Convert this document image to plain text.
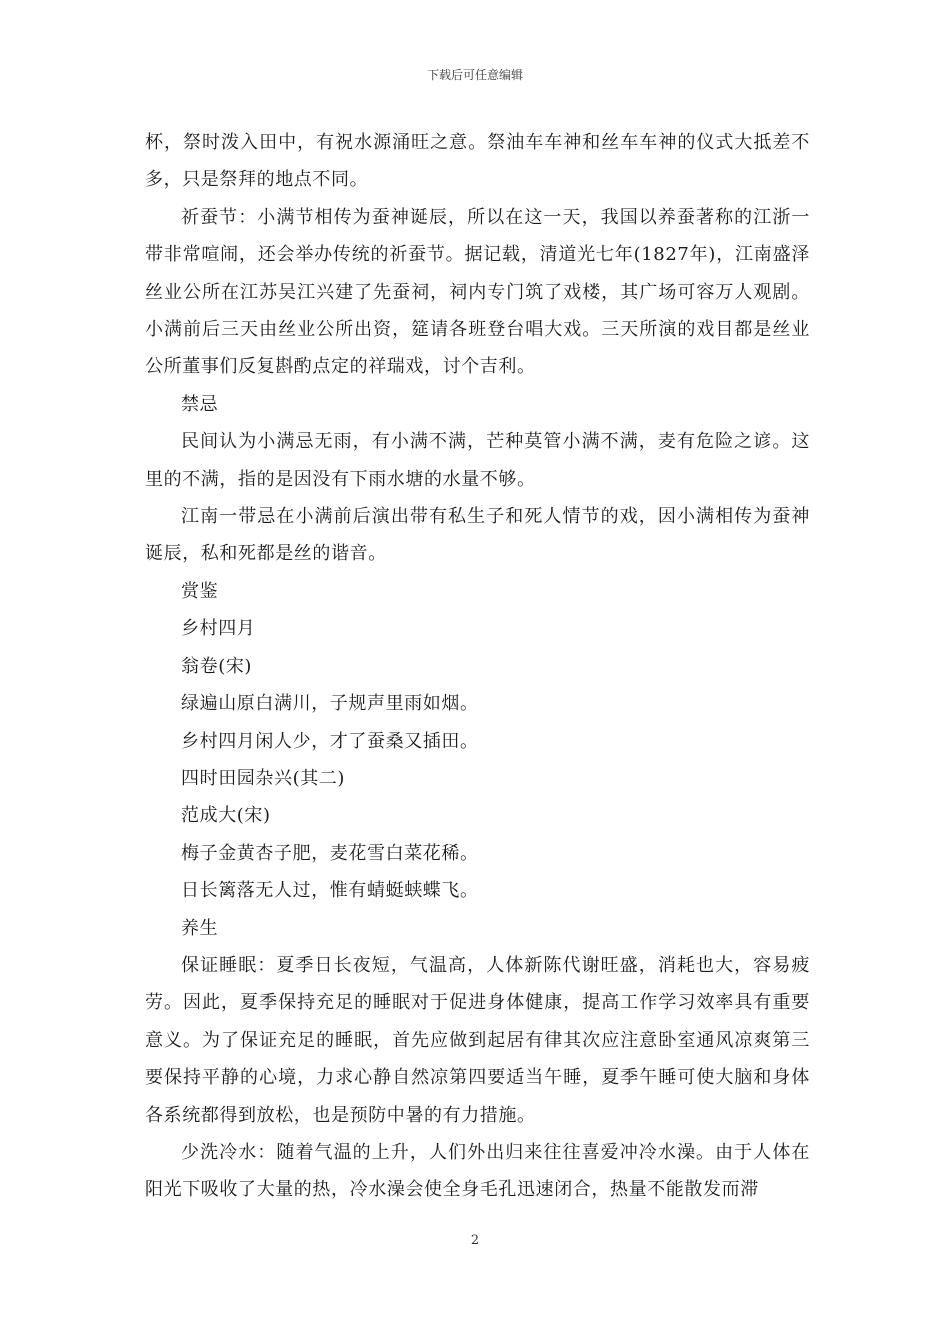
下载后可任意编辑

杯，祭时泼入田中，有祝水源涌旺之意。祭油车车神和丝车车神的仪式大抵差不多，只是祭拜的地点不同。

祈蚕节：小满节相传为蚕神诞辰，所以在这一天，我国以养蚕著称的江浙一带非常喧闹，还会举办传统的祈蚕节。据记载，清道光七年(1827年)，江南盛泽丝业公所在江苏吴江兴建了先蚕祠，祠内专门筑了戏楼，其广场可容万人观剧。小满前后三天由丝业公所出资，筵请各班登台唱大戏。三天所演的戏目都是丝业公所董事们反复斟酌点定的祥瑞戏，讨个吉利。

禁忌

民间认为小满忌无雨，有小满不满，芒种莫管小满不满，麦有危险之谚。这里的不满，指的是因没有下雨水塘的水量不够。

江南一带忌在小满前后演出带有私生子和死人情节的戏，因小满相传为蚕神诞辰，私和死都是丝的谐音。

赏鉴

乡村四月

翁卷(宋)

绿遍山原白满川，子规声里雨如烟。

乡村四月闲人少，才了蚕桑又插田。

四时田园杂兴(其二)

范成大(宋)

梅子金黄杏子肥，麦花雪白菜花稀。

日长篱落无人过，惟有蜻蜓蛱蝶飞。

养生

保证睡眠：夏季日长夜短，气温高，人体新陈代谢旺盛，消耗也大，容易疲劳。因此，夏季保持充足的睡眠对于促进身体健康，提高工作学习效率具有重要意义。为了保证充足的睡眠，首先应做到起居有律其次应注意卧室通风凉爽第三要保持平静的心境，力求心静自然凉第四要适当午睡，夏季午睡可使大脑和身体各系统都得到放松，也是预防中暑的有力措施。

少洗冷水：随着气温的上升，人们外出归来往往喜爱冲冷水澡。由于人体在阳光下吸收了大量的热，冷水澡会使全身毛孔迅速闭合，热量不能散发而滞

2
